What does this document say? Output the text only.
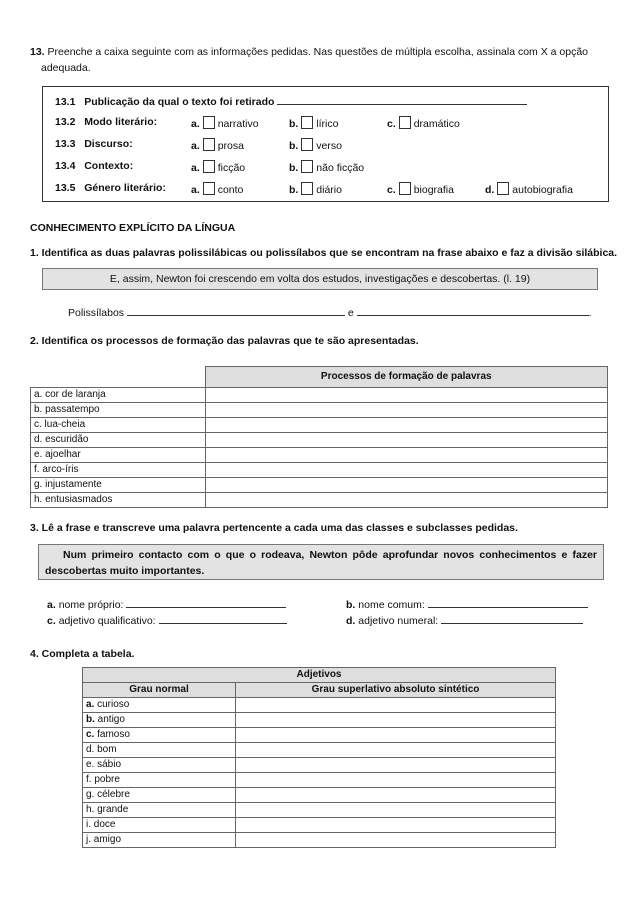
13. Preenche a caixa seguinte com as informações pedidas. Nas questões de múltipla escolha, assinala com X a opção
adequada.
13.1 Publicação da qual o texto foi retirado
13.2 Modo literário:	a. narrativo	b. lírico	c. dramático
13.3 Discurso:	a. prosa	b. verso
13.4 Contexto:	a. ficção	b. não ficção
13.5 Género literário: a. conto	b. diário	c. biografia	d. autobiografia
CONHECIMENTO EXPLÍCITO DA LÍNGUA
1. Identifica as duas palavras polissilábicas ou polissílabos que se encontram na frase abaixo e faz a divisão silábica.
E, assim, Newton foi crescendo em volta dos estudos, investigações e descobertas. (l. 19)
Polissílabos	e	.
2. Identifica os processos de formação das palavras que te são apresentadas.
	Processos de formação de palavras
a. cor de laranja	
b. passatempo	
c. lua-cheia	
d. escuridão	
e. ajoelhar	
f. arco-íris	
g. injustamente	
h. entusiasmados	
3. Lê a frase e transcreve uma palavra pertencente a cada uma das classes e subclasses pedidas.
Num primeiro contacto com o que o rodeava, Newton pôde aprofundar novos conhecimentos e fazer
descobertas muito importantes.
a. nome próprio:	b. nome comum:
c. adjetivo qualificativo:	d. adjetivo numeral:
4. Completa a tabela.
Adjetivos	
Grau normal	Grau superlativo absoluto sintético
a. curioso	
b. antigo	
c. famoso	
d. bom	
e. sábio	
f. pobre	
g. célebre	
h. grande	
i. doce	
j. amigo	
